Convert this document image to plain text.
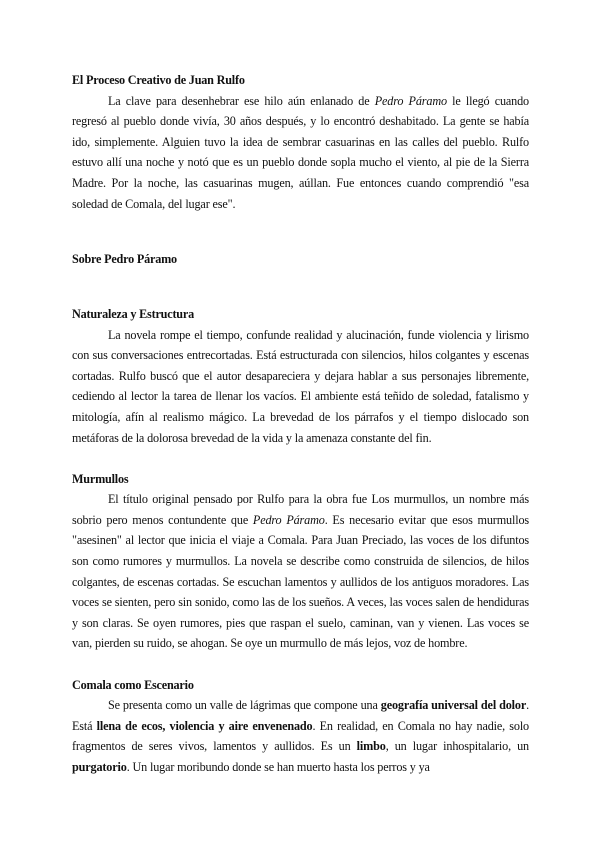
El Proceso Creativo de Juan Rulfo

La clave para desenhebrar ese hilo aún enlanado de Pedro Páramo le llegó cuando regresó al pueblo donde vivía, 30 años después, y lo encontró deshabitado. La gente se había ido, simplemente. Alguien tuvo la idea de sembrar casuarinas en las calles del pueblo. Rulfo estuvo allí una noche y notó que es un pueblo donde sopla mucho el viento, al pie de la Sierra Madre. Por la noche, las casuarinas mugen, aúllan. Fue entonces cuando comprendió "esa soledad de Comala, del lugar ese".

Sobre Pedro Páramo

Naturaleza y Estructura

La novela rompe el tiempo, confunde realidad y alucinación, funde violencia y lirismo con sus conversaciones entrecortadas. Está estructurada con silencios, hilos colgantes y escenas cortadas. Rulfo buscó que el autor desapareciera y dejara hablar a sus personajes libremente, cediendo al lector la tarea de llenar los vacíos. El ambiente está teñido de soledad, fatalismo y mitología, afín al realismo mágico. La brevedad de los párrafos y el tiempo dislocado son metáforas de la dolorosa brevedad de la vida y la amenaza constante del fin.

Murmullos

El título original pensado por Rulfo para la obra fue Los murmullos, un nombre más sobrio pero menos contundente que Pedro Páramo. Es necesario evitar que esos murmullos "asesinen" al lector que inicia el viaje a Comala. Para Juan Preciado, las voces de los difuntos son como rumores y murmullos. La novela se describe como construida de silencios, de hilos colgantes, de escenas cortadas. Se escuchan lamentos y aullidos de los antiguos moradores. Las voces se sienten, pero sin sonido, como las de los sueños. A veces, las voces salen de hendiduras y son claras. Se oyen rumores, pies que raspan el suelo, caminan, van y vienen. Las voces se van, pierden su ruido, se ahogan. Se oye un murmullo de más lejos, voz de hombre.

Comala como Escenario

Se presenta como un valle de lágrimas que compone una geografía universal del dolor. Está llena de ecos, violencia y aire envenenado. En realidad, en Comala no hay nadie, solo fragmentos de seres vivos, lamentos y aullidos. Es un limbo, un lugar inhospitalario, un purgatorio. Un lugar moribundo donde se han muerto hasta los perros y ya
